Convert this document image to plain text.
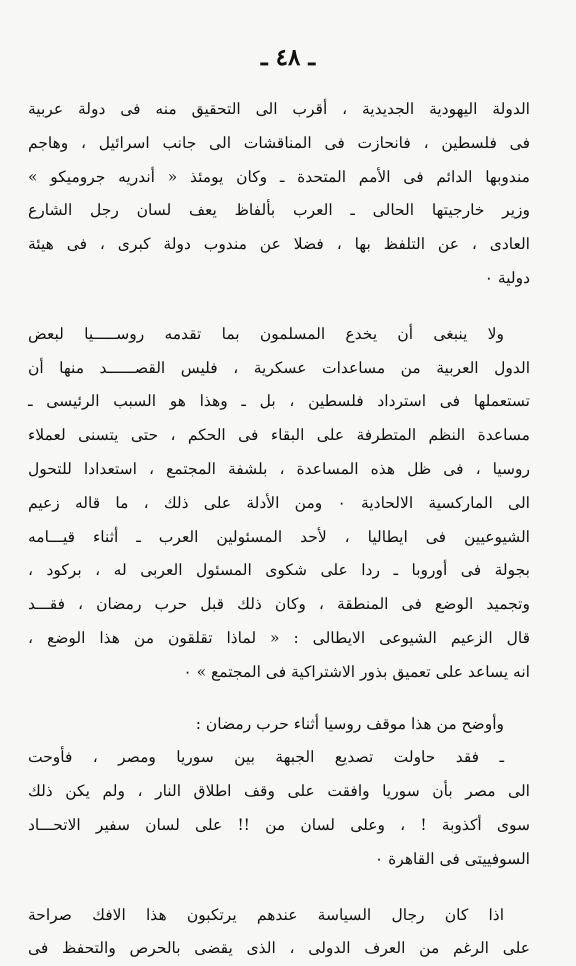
ـ ٤٨ ـ
الدولة اليهودية الجديدية ، أقرب الى التحقيق منه فى دولة عربية
فى فلسطين ، فانحازت فى المناقشات الى جانب اسرائيل ، وهاجم
مندوبها الدائم فى الأمم المتحدة ـ وكان يومئذ « أندريه جروميكو »
وزير خارجيتها الحالى ـ العرب بألفاظ يعف لسان رجل الشارع
العادى ، عن التلفظ بها ، فضلا عن مندوب دولة كبرى ، فى هيئة
دولية ٠
ولا ينبغى أن يخدع المسلمون بما تقدمه روســـــيا لبعض
الدول العربية من مساعدات عسكرية ، فليس القصــــــد منها أن
تستعملها فى استرداد فلسطين ، بل ـ وهذا هو السبب الرئيسى ـ
مساعدة النظم المتطرفة على البقاء فى الحكم ، حتى يتسنى لعملاء
روسيا ، فى ظل هذه المساعدة ، بلشفة المجتمع ، استعدادا للتحول
الى الماركسية الالحادية ٠ ومن الأدلة على ذلك ، ما قاله زعيم
الشيوعيين فى ايطاليا ، لأحد المسئولين العرب ـ أثناء قيـــامه
بجولة فى أوروبا ـ ردا على شكوى المسئول العربى له ، بركود ،
وتجميد الوضع فى المنطقة ، وكان ذلك قبل حرب رمضان ، فقـــد
قال الزعيم الشيوعى الايطالى : « لماذا تقلقون من هذا الوضع ،
انه يساعد على تعميق بذور الاشتراكية فى المجتمع » ٠
وأوضح من هذا موقف روسيا أثناء حرب رمضان :
ـ فقد حاولت تصديع الجبهة بين سوريا ومصر ، فأوحت
الى مصر بأن سوريا وافقت على وقف اطلاق النار ، ولم يكن ذلك
سوى أكذوبة ! ، وعلى لسان من !! على لسان سفير الاتحـــاد
السوفييتى فى القاهرة ٠
اذا كان رجال السياسة عندهم يرتكبون هذا الافك صراحة
على الرغم من العرف الدولى ، الذى يقضى بالحرص والتحفظ فى
